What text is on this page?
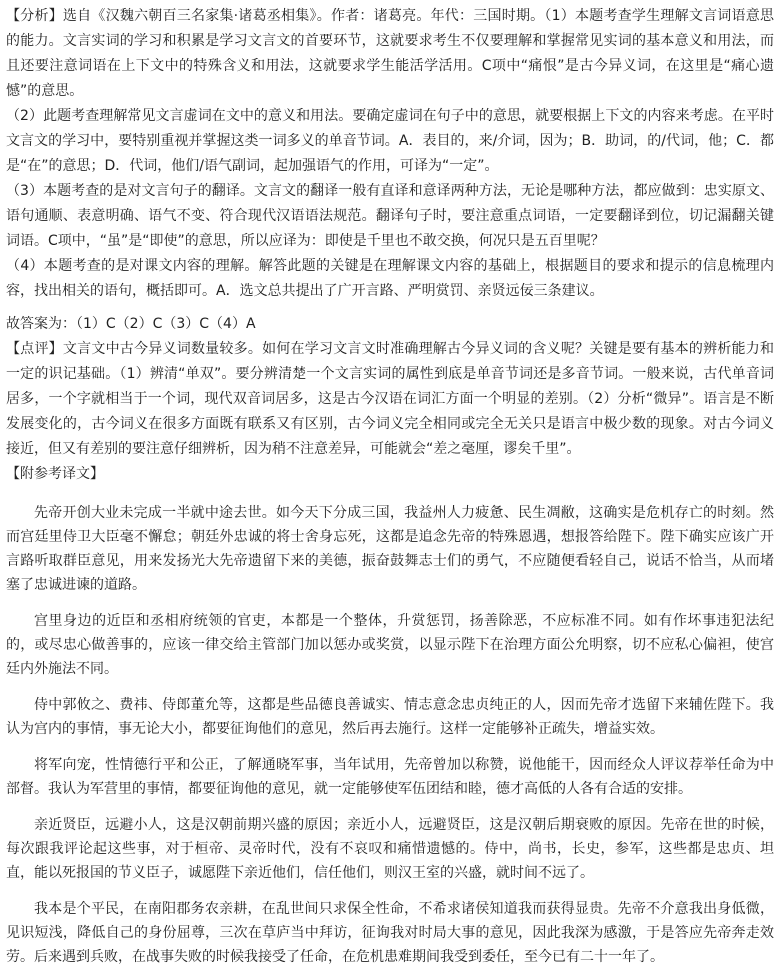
【分析】选自《汉魏六朝百三名家集·诸葛丞相集》。作者：诸葛亮。年代：三国时期。（1）本题考查学生理解文言词语意思的能力。文言实词的学习和积累是学习文言文的首要环节，这就要求考生不仅要理解和掌握常见实词的基本意义和用法，而且还要注意词语在上下文中的特殊含义和用法，这就要求学生能活学活用。C项中“痛恨”是古今异义词，在这里是“痛心遗憾”的意思。

（2）此题考查理解常见文言虚词在文中的意义和用法。要确定虚词在句子中的意思，就要根据上下文的内容来考虑。在平时文言文的学习中，要特别重视并掌握这类一词多义的单音节词。A．表目的，来/介词，因为；B．助词，的/代词，他；C．都是“在”的意思；D．代词，他们/语气副词，起加强语气的作用，可译为“一定”。

（3）本题考查的是对文言句子的翻译。文言文的翻译一般有直译和意译两种方法，无论是哪种方法，都应做到：忠实原文、语句通顺、表意明确、语气不变、符合现代汉语语法规范。翻译句子时，要注意重点词语，一定要翻译到位，切记漏翻关键词语。C项中，“虽”是“即使”的意思，所以应译为：即使是千里也不敢交换，何况只是五百里呢？

（4）本题考查的是对课文内容的理解。解答此题的关键是在理解课文内容的基础上，根据题目的要求和提示的信息梳理内容，找出相关的语句，概括即可。A．选文总共提出了广开言路、严明赏罚、亲贤远佞三条建议。

故答案为：（1）C（2）C（3）C（4）A

【点评】文言文中古今异义词数量较多。如何在学习文言文时准确理解古今异义词的含义呢？关键是要有基本的辨析能力和一定的识记基础。（1）辨清“单双”。要分辨清楚一个文言实词的属性到底是单音节词还是多音节词。一般来说，古代单音词居多，一个字就相当于一个词，现代双音词居多，这是古今汉语在词汇方面一个明显的差别。（2）分析“微异”。语言是不断发展变化的，古今词义在很多方面既有联系又有区别，古今词义完全相同或完全无关只是语言中极少数的现象。对古今词义接近，但又有差别的要注意仔细辨析，因为稍不注意差异，可能就会“差之毫厘，谬矣千里”。

【附参考译文】

先帝开创大业未完成一半就中途去世。如今天下分成三国，我益州人力疲惫、民生凋敝，这确实是危机存亡的时刻。然而宫廷里侍卫大臣毫不懈怠；朝廷外忠诚的将士舍身忘死，这都是追念先帝的特殊恩遇，想报答给陛下。陛下确实应该广开言路听取群臣意见，用来发扬光大先帝遗留下来的美德，振奋鼓舞志士们的勇气，不应随便看轻自己，说话不恰当，从而堵塞了忠诚进谏的道路。

宫里身边的近臣和丞相府统领的官吏，本都是一个整体，升赏惩罚，扬善除恶，不应标准不同。如有作坏事违犯法纪的，或尽忠心做善事的，应该一律交给主管部门加以惩办或奖赏，以显示陛下在治理方面公允明察，切不应私心偏袒，使宫廷内外施法不同。

侍中郭攸之、费祎、侍郎董允等，这都是些品德良善诚实、情志意念忠贞纯正的人，因而先帝才选留下来辅佐陛下。我认为宫内的事情，事无论大小，都要征询他们的意见，然后再去施行。这样一定能够补正疏失，增益实效。

将军向宠，性情德行平和公正，了解通晓军事，当年试用，先帝曾加以称赞，说他能干，因而经众人评议荐举任命为中部督。我认为军营里的事情，都要征询他的意见，就一定能够使军伍团结和睦，德才高低的人各有合适的安排。

亲近贤臣，远避小人，这是汉朝前期兴盛的原因；亲近小人，远避贤臣，这是汉朝后期衰败的原因。先帝在世的时候，每次跟我评论起这些事，对于桓帝、灵帝时代，没有不哀叹和痛惜遗憾的。侍中，尚书，长史，参军，这些都是忠贞、坦直，能以死报国的节义臣子，诚愿陛下亲近他们，信任他们，则汉王室的兴盛，就时间不远了。

我本是个平民，在南阳郡务农亲耕，在乱世间只求保全性命，不希求诸侯知道我而获得显贵。先帝不介意我出身低微，见识短浅，降低自己的身份屈尊，三次在草庐当中拜访，征询我对时局大事的意见，因此我深为感激，于是答应先帝奔走效劳。后来遇到兵败，在战事失败的时候我接受了任命，在危机患难期间我受到委任，至今已有二十一年了。
